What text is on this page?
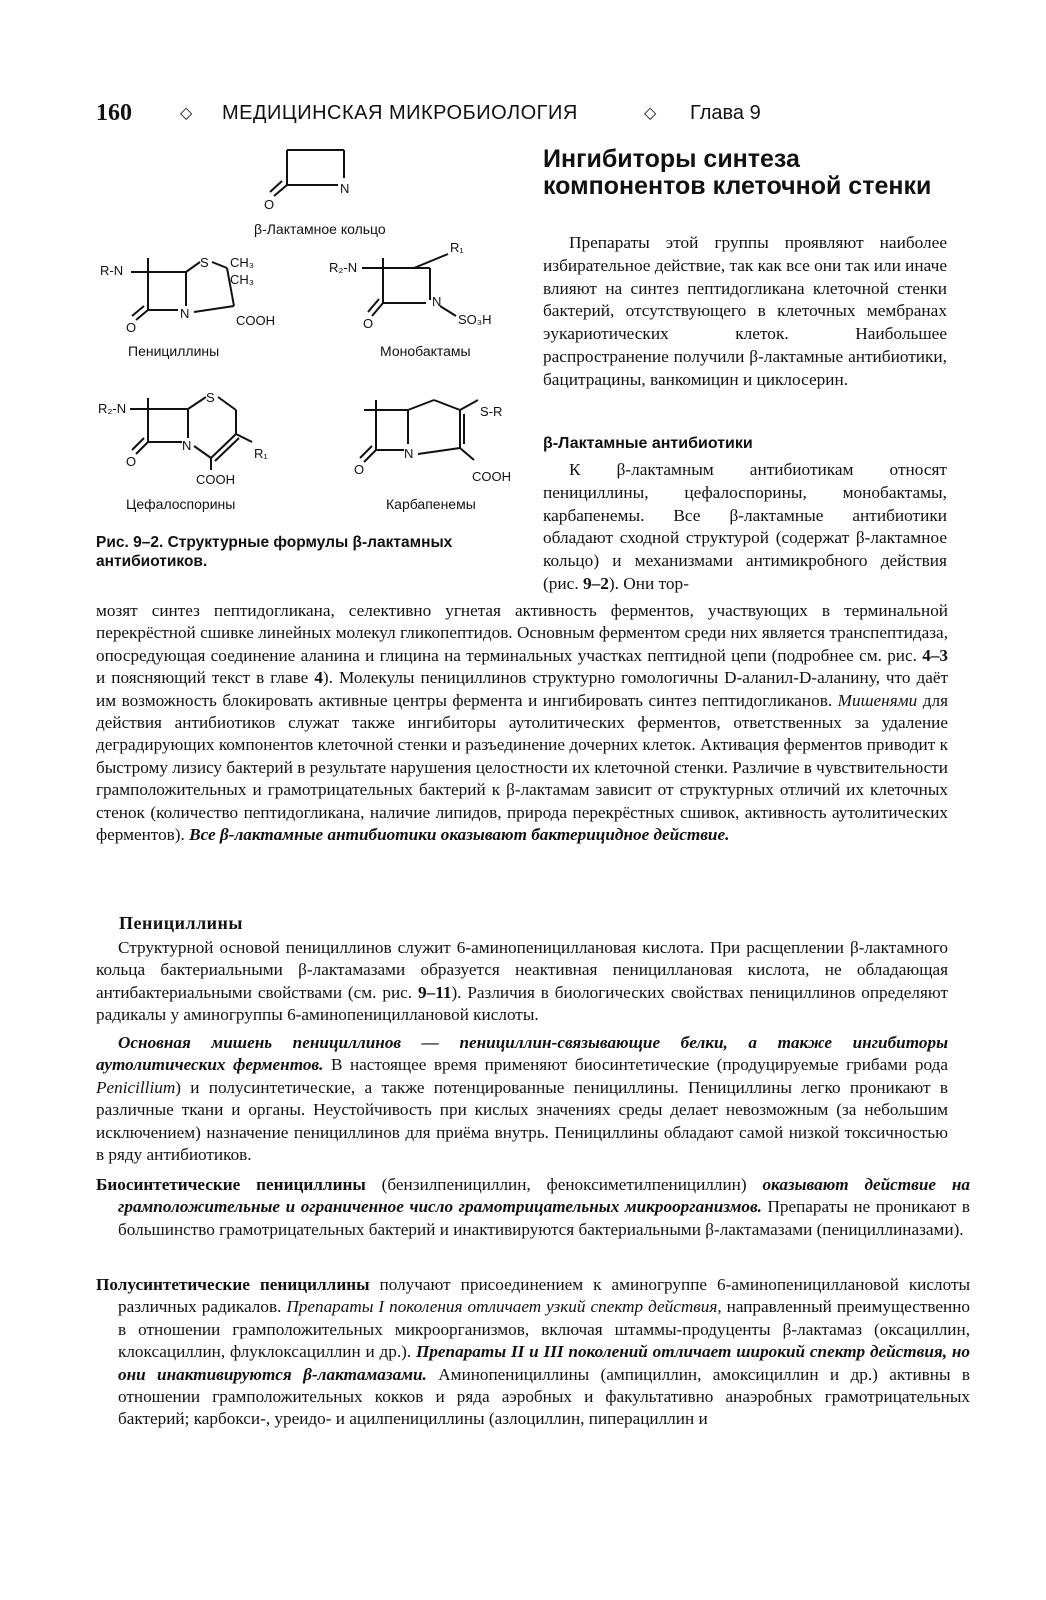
160	◇ МЕДИЦИНСКАЯ МИКРОБИОЛОГИЯ	◇ Глава 9
O
N
β-Лактамное кольцо
R-N
O
N
S CH₃
CH₃
COOH
Пенициллины
R₂-N
R₁
N
O	SO₃H
Монобактамы
R₂-N
O
N
S
R₁
COOH
Цефалоспорины
O
N
S-R
COOH
Карбапенемы
Рис. 9–2. Структурные формулы β-лактамных антибиотиков.
Ингибиторы синтеза компонентов клеточной стенки

Препараты этой группы проявляют наиболее избирательное действие, так как все они так или иначе влияют на синтез пептидогликана клеточной стенки бактерий, отсутствующего в клеточных мембранах эукариотических клеток. Наибольшее распространение получили β-лактамные антибиотики, бацитрацины, ванкомицин и циклосерин.

β-Лактамные антибиотики

К β-лактамным антибиотикам относят пенициллины, цефалоспорины, монобактамы, карбапенемы. Все β-лактамные антибиотики обладают сходной структурой (содержат β-лактамное кольцо) и механизмами антимикробного действия (рис. 9–2). Они тор-

мозят синтез пептидогликана, селективно угнетая активность ферментов, участвующих в терминальной перекрёстной сшивке линейных молекул гликопептидов. Основным ферментом среди них является транспептидаза, опосредующая соединение аланина и глицина на терминальных участках пептидной цепи (подробнее см. рис. 4–3 и поясняющий текст в главе 4). Молекулы пенициллинов структурно гомологичны D-аланил-D-аланину, что даёт им возможность блокировать активные центры фермента и ингибировать синтез пептидогликанов. Мишенями для действия антибиотиков служат также ингибиторы аутолитических ферментов, ответственных за удаление деградирующих компонентов клеточной стенки и разъединение дочерних клеток. Активация ферментов приводит к быстрому лизису бактерий в результате нарушения целостности их клеточной стенки. Различие в чувствительности грамположительных и грамотрицательных бактерий к β-лактамам зависит от структурных отличий их клеточных стенок (количество пептидогликана, наличие липидов, природа перекрёстных сшивок, активность аутолитических ферментов). Все β-лактамные антибиотики оказывают бактерицидное действие.

Пенициллины

Структурной основой пенициллинов служит 6-аминопенициллановая кислота. При расщеплении β-лактамного кольца бактериальными β-лактамазами образуется неактивная пенициллановая кислота, не обладающая антибактериальными свойствами (см. рис. 9–11). Различия в биологических свойствах пенициллинов определяют радикалы у аминогруппы 6-аминопенициллановой кислоты.

Основная мишень пенициллинов — пенициллин-связывающие белки, а также ингибиторы аутолитических ферментов. В настоящее время применяют биосинтетические (продуцируемые грибами рода Penicillium) и полусинтетические, а также потенцированные пенициллины. Пенициллины легко проникают в различные ткани и органы. Неустойчивость при кислых значениях среды делает невозможным (за небольшим исключением) назначение пенициллинов для приёма внутрь. Пенициллины обладают самой низкой токсичностью в ряду антибиотиков.

Биосинтетические пенициллины (бензилпенициллин, феноксиметилпенициллин) оказывают действие на грамположительные и ограниченное число грамотрицательных микроорганизмов. Препараты не проникают в большинство грамотрицательных бактерий и инактивируются бактериальными β-лактамазами (пенициллиназами).

Полусинтетические пенициллины получают присоединением к аминогруппе 6-аминопенициллановой кислоты различных радикалов. Препараты I поколения отличает узкий спектр действия, направленный преимущественно в отношении грамположительных микроорганизмов, включая штаммы-продуценты β-лактамаз (оксациллин, клоксациллин, флуклоксациллин и др.). Препараты II и III поколений отличает широкий спектр действия, но они инактивируются β-лактамазами. Аминопенициллины (ампициллин, амоксициллин и др.) активны в отношении грамположительных кокков и ряда аэробных и факультативно анаэробных грамотрицательных бактерий; карбокси-, уреидо- и ацилпенициллины (азлоциллин, пиперациллин и
